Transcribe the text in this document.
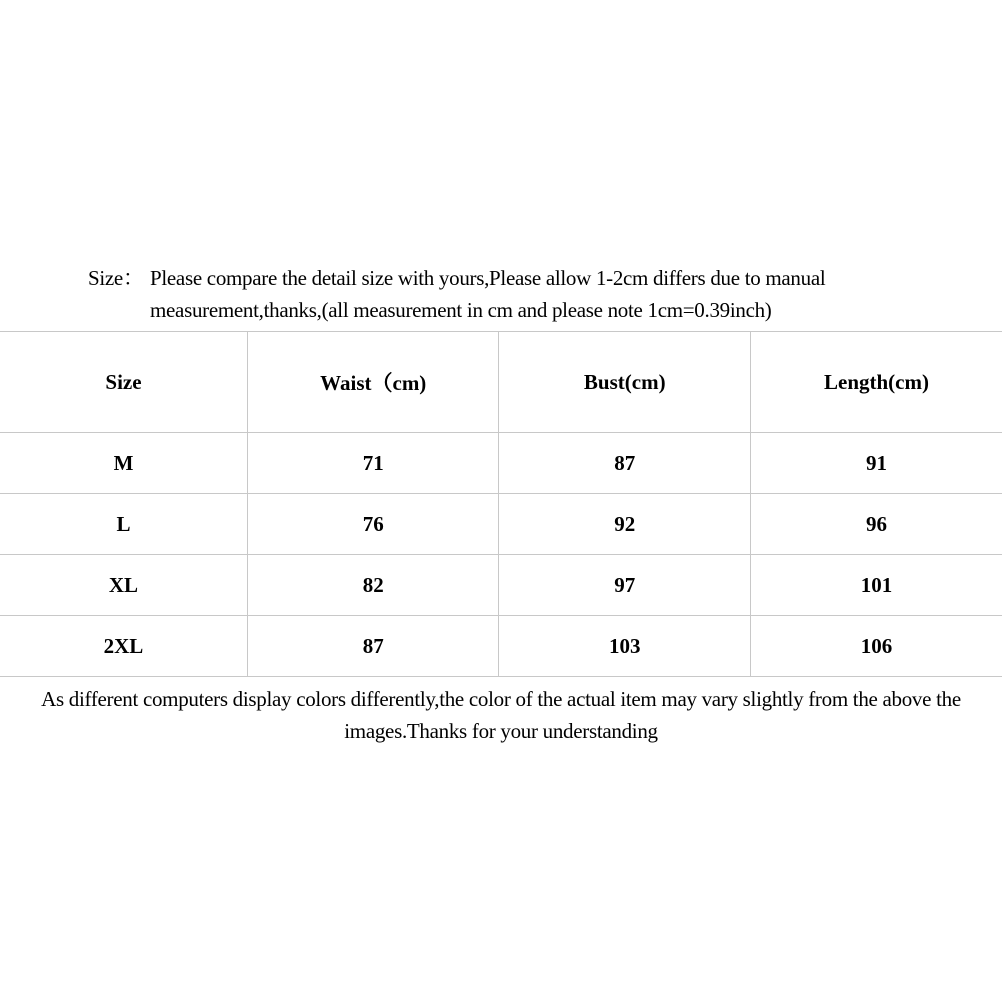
Size： Please compare the detail size with yours,Please allow 1-2cm differs due to manual measurement,thanks,(all measurement in cm and please note 1cm=0.39inch)
Size	Waist（cm)	Bust(cm)	Length(cm)
M	71	87	91
L	76	92	96
XL	82	97	101
2XL	87	103	106
As different computers display colors differently,the color of the actual item may vary slightly from the above the images.Thanks for your understanding
